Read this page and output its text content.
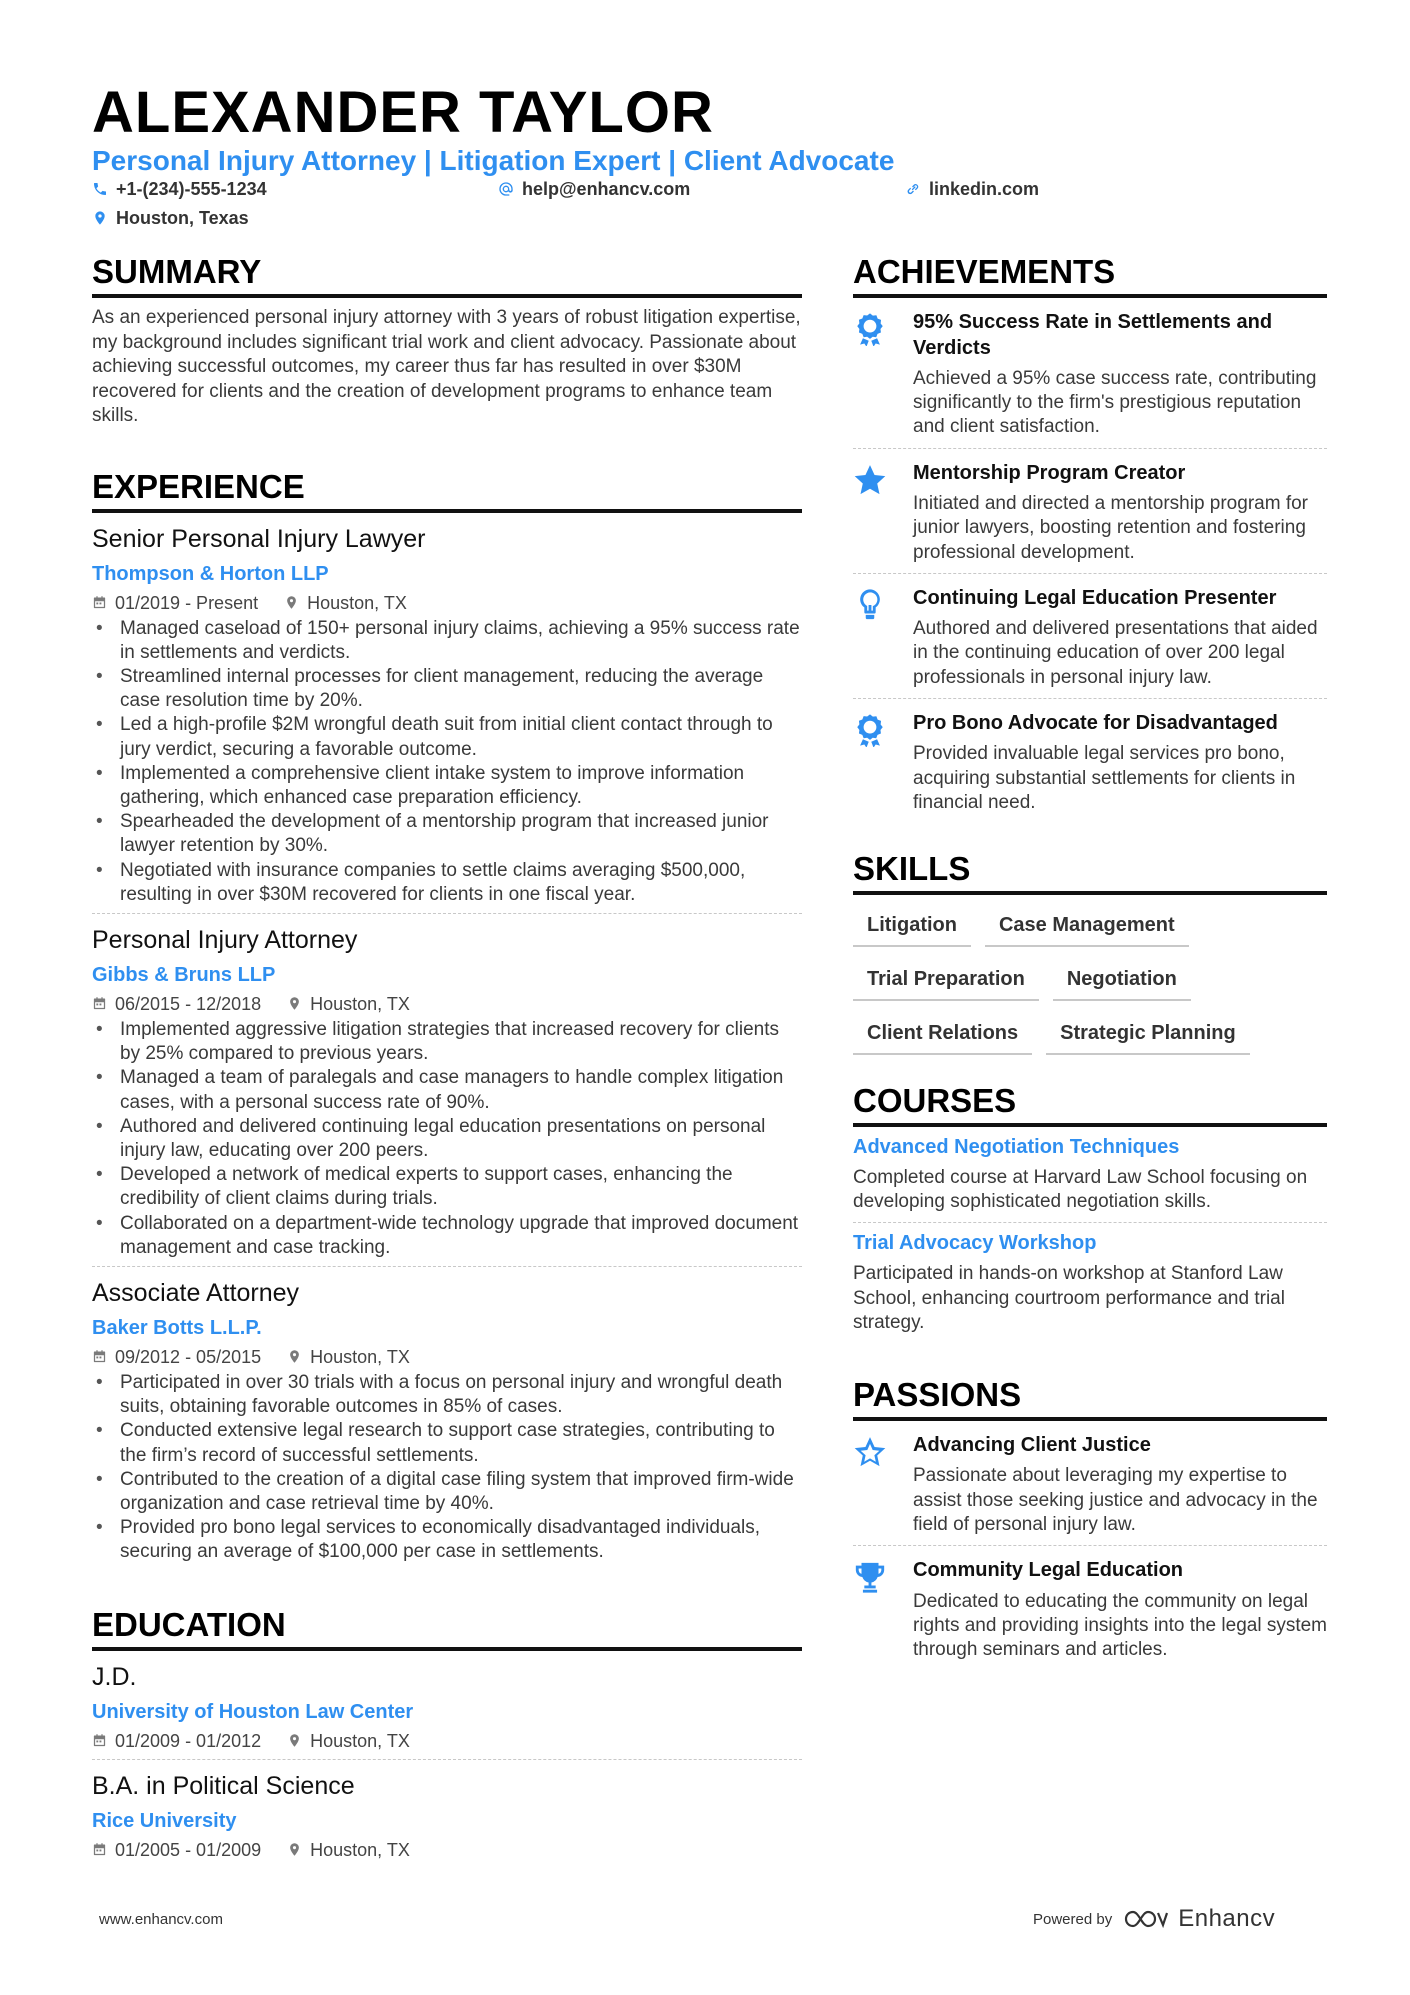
ALEXANDER TAYLOR
Personal Injury Attorney | Litigation Expert | Client Advocate
+1-(234)-555-1234	help@enhancv.com	linkedin.com
Houston, Texas
SUMMARY
As an experienced personal injury attorney with 3 years of robust litigation expertise, my background includes significant trial work and client advocacy. Passionate about achieving successful outcomes, my career thus far has resulted in over $30M recovered for clients and the creation of development programs to enhance team skills.
EXPERIENCE
Senior Personal Injury Lawyer
Thompson & Horton LLP
01/2019 - Present	Houston, TX
• Managed caseload of 150+ personal injury claims, achieving a 95% success rate in settlements and verdicts.
• Streamlined internal processes for client management, reducing the average case resolution time by 20%.
• Led a high-profile $2M wrongful death suit from initial client contact through to jury verdict, securing a favorable outcome.
• Implemented a comprehensive client intake system to improve information gathering, which enhanced case preparation efficiency.
• Spearheaded the development of a mentorship program that increased junior lawyer retention by 30%.
• Negotiated with insurance companies to settle claims averaging $500,000, resulting in over $30M recovered for clients in one fiscal year.
Personal Injury Attorney
Gibbs & Bruns LLP
06/2015 - 12/2018	Houston, TX
• Implemented aggressive litigation strategies that increased recovery for clients by 25% compared to previous years.
• Managed a team of paralegals and case managers to handle complex litigation cases, with a personal success rate of 90%.
• Authored and delivered continuing legal education presentations on personal injury law, educating over 200 peers.
• Developed a network of medical experts to support cases, enhancing the credibility of client claims during trials.
• Collaborated on a department-wide technology upgrade that improved document management and case tracking.
Associate Attorney
Baker Botts L.L.P.
09/2012 - 05/2015	Houston, TX
• Participated in over 30 trials with a focus on personal injury and wrongful death suits, obtaining favorable outcomes in 85% of cases.
• Conducted extensive legal research to support case strategies, contributing to the firm’s record of successful settlements.
• Contributed to the creation of a digital case filing system that improved firm-wide organization and case retrieval time by 40%.
• Provided pro bono legal services to economically disadvantaged individuals, securing an average of $100,000 per case in settlements.
EDUCATION
J.D.
University of Houston Law Center
01/2009 - 01/2012	Houston, TX
B.A. in Political Science
Rice University
01/2005 - 01/2009	Houston, TX
ACHIEVEMENTS
1 95% Success Rate in Settlements and Verdicts
Achieved a 95% case success rate, contributing significantly to the firm's prestigious reputation and client satisfaction.
Mentorship Program Creator
Initiated and directed a mentorship program for junior lawyers, boosting retention and fostering professional development.
Continuing Legal Education Presenter
Authored and delivered presentations that aided in the continuing education of over 200 legal professionals in personal injury law.
1 Pro Bono Advocate for Disadvantaged
Provided invaluable legal services pro bono, acquiring substantial settlements for clients in financial need.
SKILLS
Litigation	Case Management
Trial Preparation	Negotiation
Client Relations	Strategic Planning
COURSES
Advanced Negotiation Techniques
Completed course at Harvard Law School focusing on developing sophisticated negotiation skills.
Trial Advocacy Workshop
Participated in hands-on workshop at Stanford Law School, enhancing courtroom performance and trial strategy.
PASSIONS
Advancing Client Justice
Passionate about leveraging my expertise to assist those seeking justice and advocacy in the field of personal injury law.
Community Legal Education
Dedicated to educating the community on legal rights and providing insights into the legal system through seminars and articles.
www.enhancv.com	Powered by	Enhancv
